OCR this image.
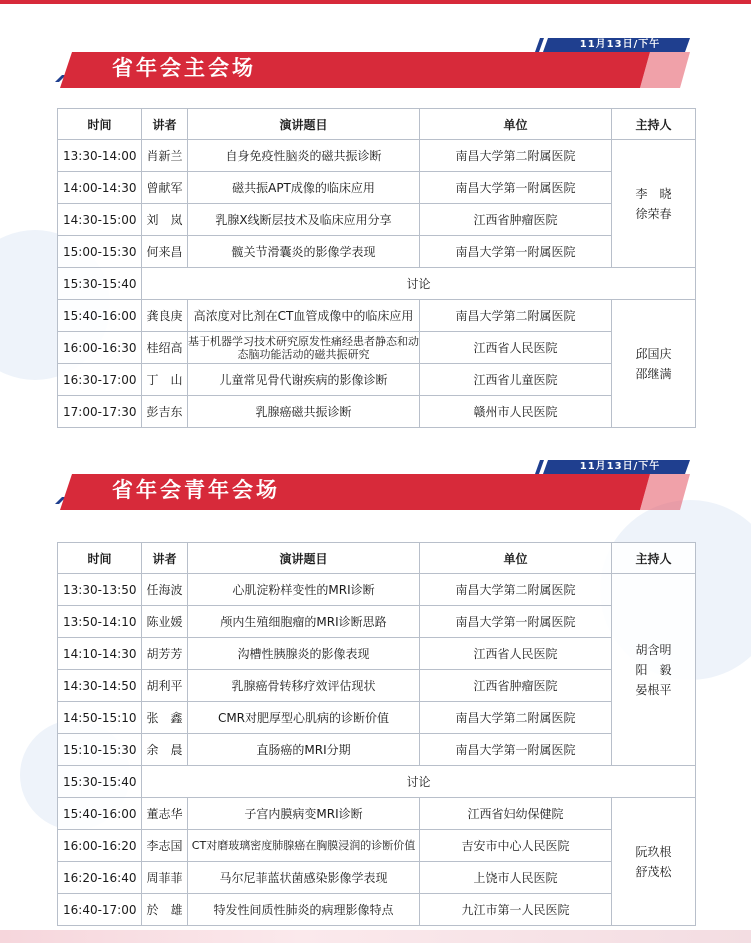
省年会主会场
11月13日/下午
时间	讲者	演讲题目	单位	主持人
13:30-14:00	肖新兰	自身免疫性脑炎的磁共振诊断	南昌大学第二附属医院	李　晓
徐荣春

14:00-14:30	曾献军	磁共振APT成像的临床应用	南昌大学第一附属医院	
14:30-15:00	刘　岚	乳腺X线断层技术及临床应用分享	江西省肿瘤医院	
15:00-15:30	何来昌	髋关节滑囊炎的影像学表现	南昌大学第一附属医院	
15:30-15:40	讨论			
15:40-16:00	龚良庚	高浓度对比剂在CT血管成像中的临床应用	南昌大学第二附属医院	邱国庆
邵继满

16:00-16:30	桂绍高	基于机器学习技术研究原发性痛经患者静态和动态脑功能活动的磁共振研究	江西省人民医院	
16:30-17:00	丁　山	儿童常见骨代谢疾病的影像诊断	江西省儿童医院	
17:00-17:30	彭吉东	乳腺癌磁共振诊断	赣州市人民医院	
省年会青年会场
11月13日/下午
时间	讲者	演讲题目	单位	主持人
13:30-13:50	任海波	心肌淀粉样变性的MRI诊断	南昌大学第二附属医院	胡含明
阳　毅
晏根平

13:50-14:10	陈业媛	颅内生殖细胞瘤的MRI诊断思路	南昌大学第一附属医院	
14:10-14:30	胡芳芳	沟槽性胰腺炎的影像表现	江西省人民医院	
14:30-14:50	胡利平	乳腺癌骨转移疗效评估现状	江西省肿瘤医院	
14:50-15:10	张　鑫	CMR对肥厚型心肌病的诊断价值	南昌大学第二附属医院	
15:10-15:30	余　晨	直肠癌的MRI分期	南昌大学第一附属医院	
15:30-15:40	讨论			
15:40-16:00	董志华	子宫内膜病变MRI诊断	江西省妇幼保健院	阮玖根
舒茂松

16:00-16:20	李志国	CT对磨玻璃密度肺腺癌在胸膜浸润的诊断价值	吉安市中心人民医院	
16:20-16:40	周菲菲	马尔尼菲蓝状菌感染影像学表现	上饶市人民医院	
16:40-17:00	於　雄	特发性间质性肺炎的病理影像特点	九江市第一人民医院	
